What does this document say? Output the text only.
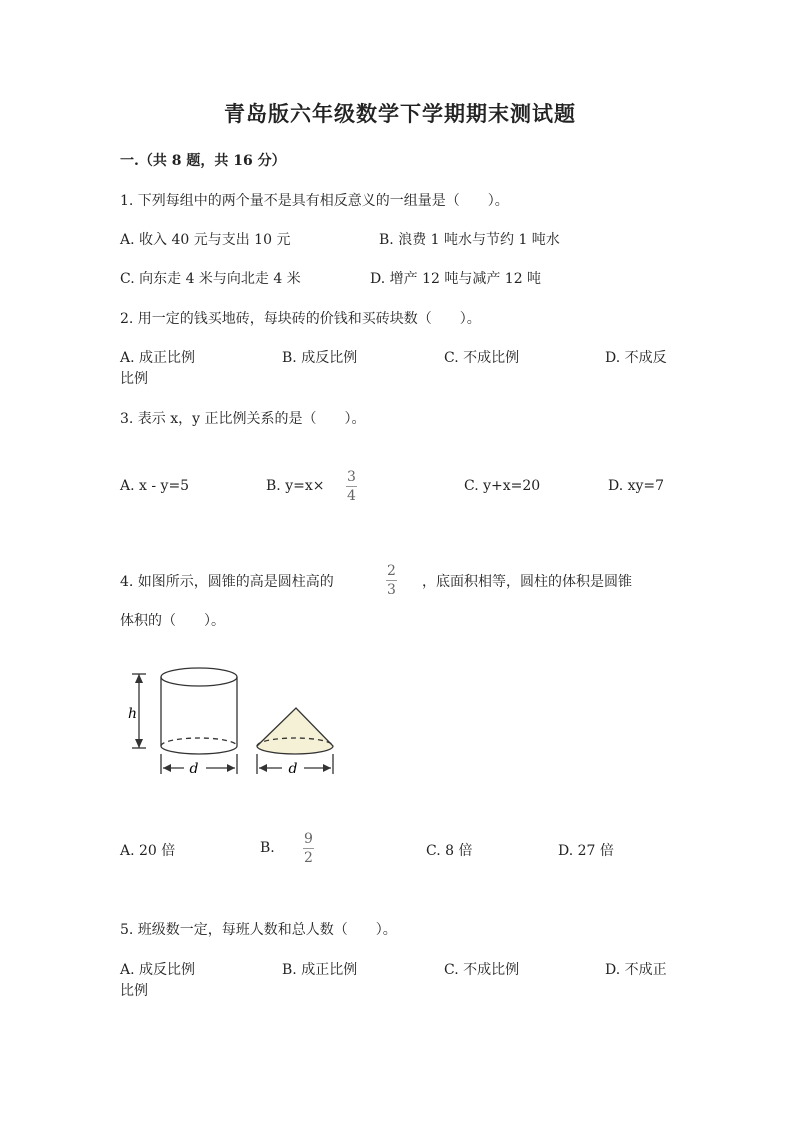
青岛版六年级数学下学期期末测试题
一.（共 8 题，共 16 分）
1. 下列每组中的两个量不是具有相反意义的一组量是（　　）。
A. 收入 40 元与支出 10 元	B. 浪费 1 吨水与节约 1 吨水
C. 向东走 4 米与向北走 4 米	D. 增产 12 吨与减产 12 吨
2. 用一定的钱买地砖，每块砖的价钱和买砖块数（　　）。
A. 成正比例	B. 成反比例	C. 不成比例	D. 不成反
比例
3. 表示 x，y 正比例关系的是（　　）。
A. x - y=5	B. y=x×
3
4
C. y+x=20	D. xy=7
4. 如图所示，圆锥的高是圆柱高的
2
3 ，底面积相等，圆柱的体积是圆锥
体积的（　　）。
h
d	d
A. 20 倍	B.
9
2	C. 8 倍	D. 27 倍
5. 班级数一定，每班人数和总人数（　　）。
A. 成反比例	B. 成正比例	C. 不成比例	D. 不成正
比例
